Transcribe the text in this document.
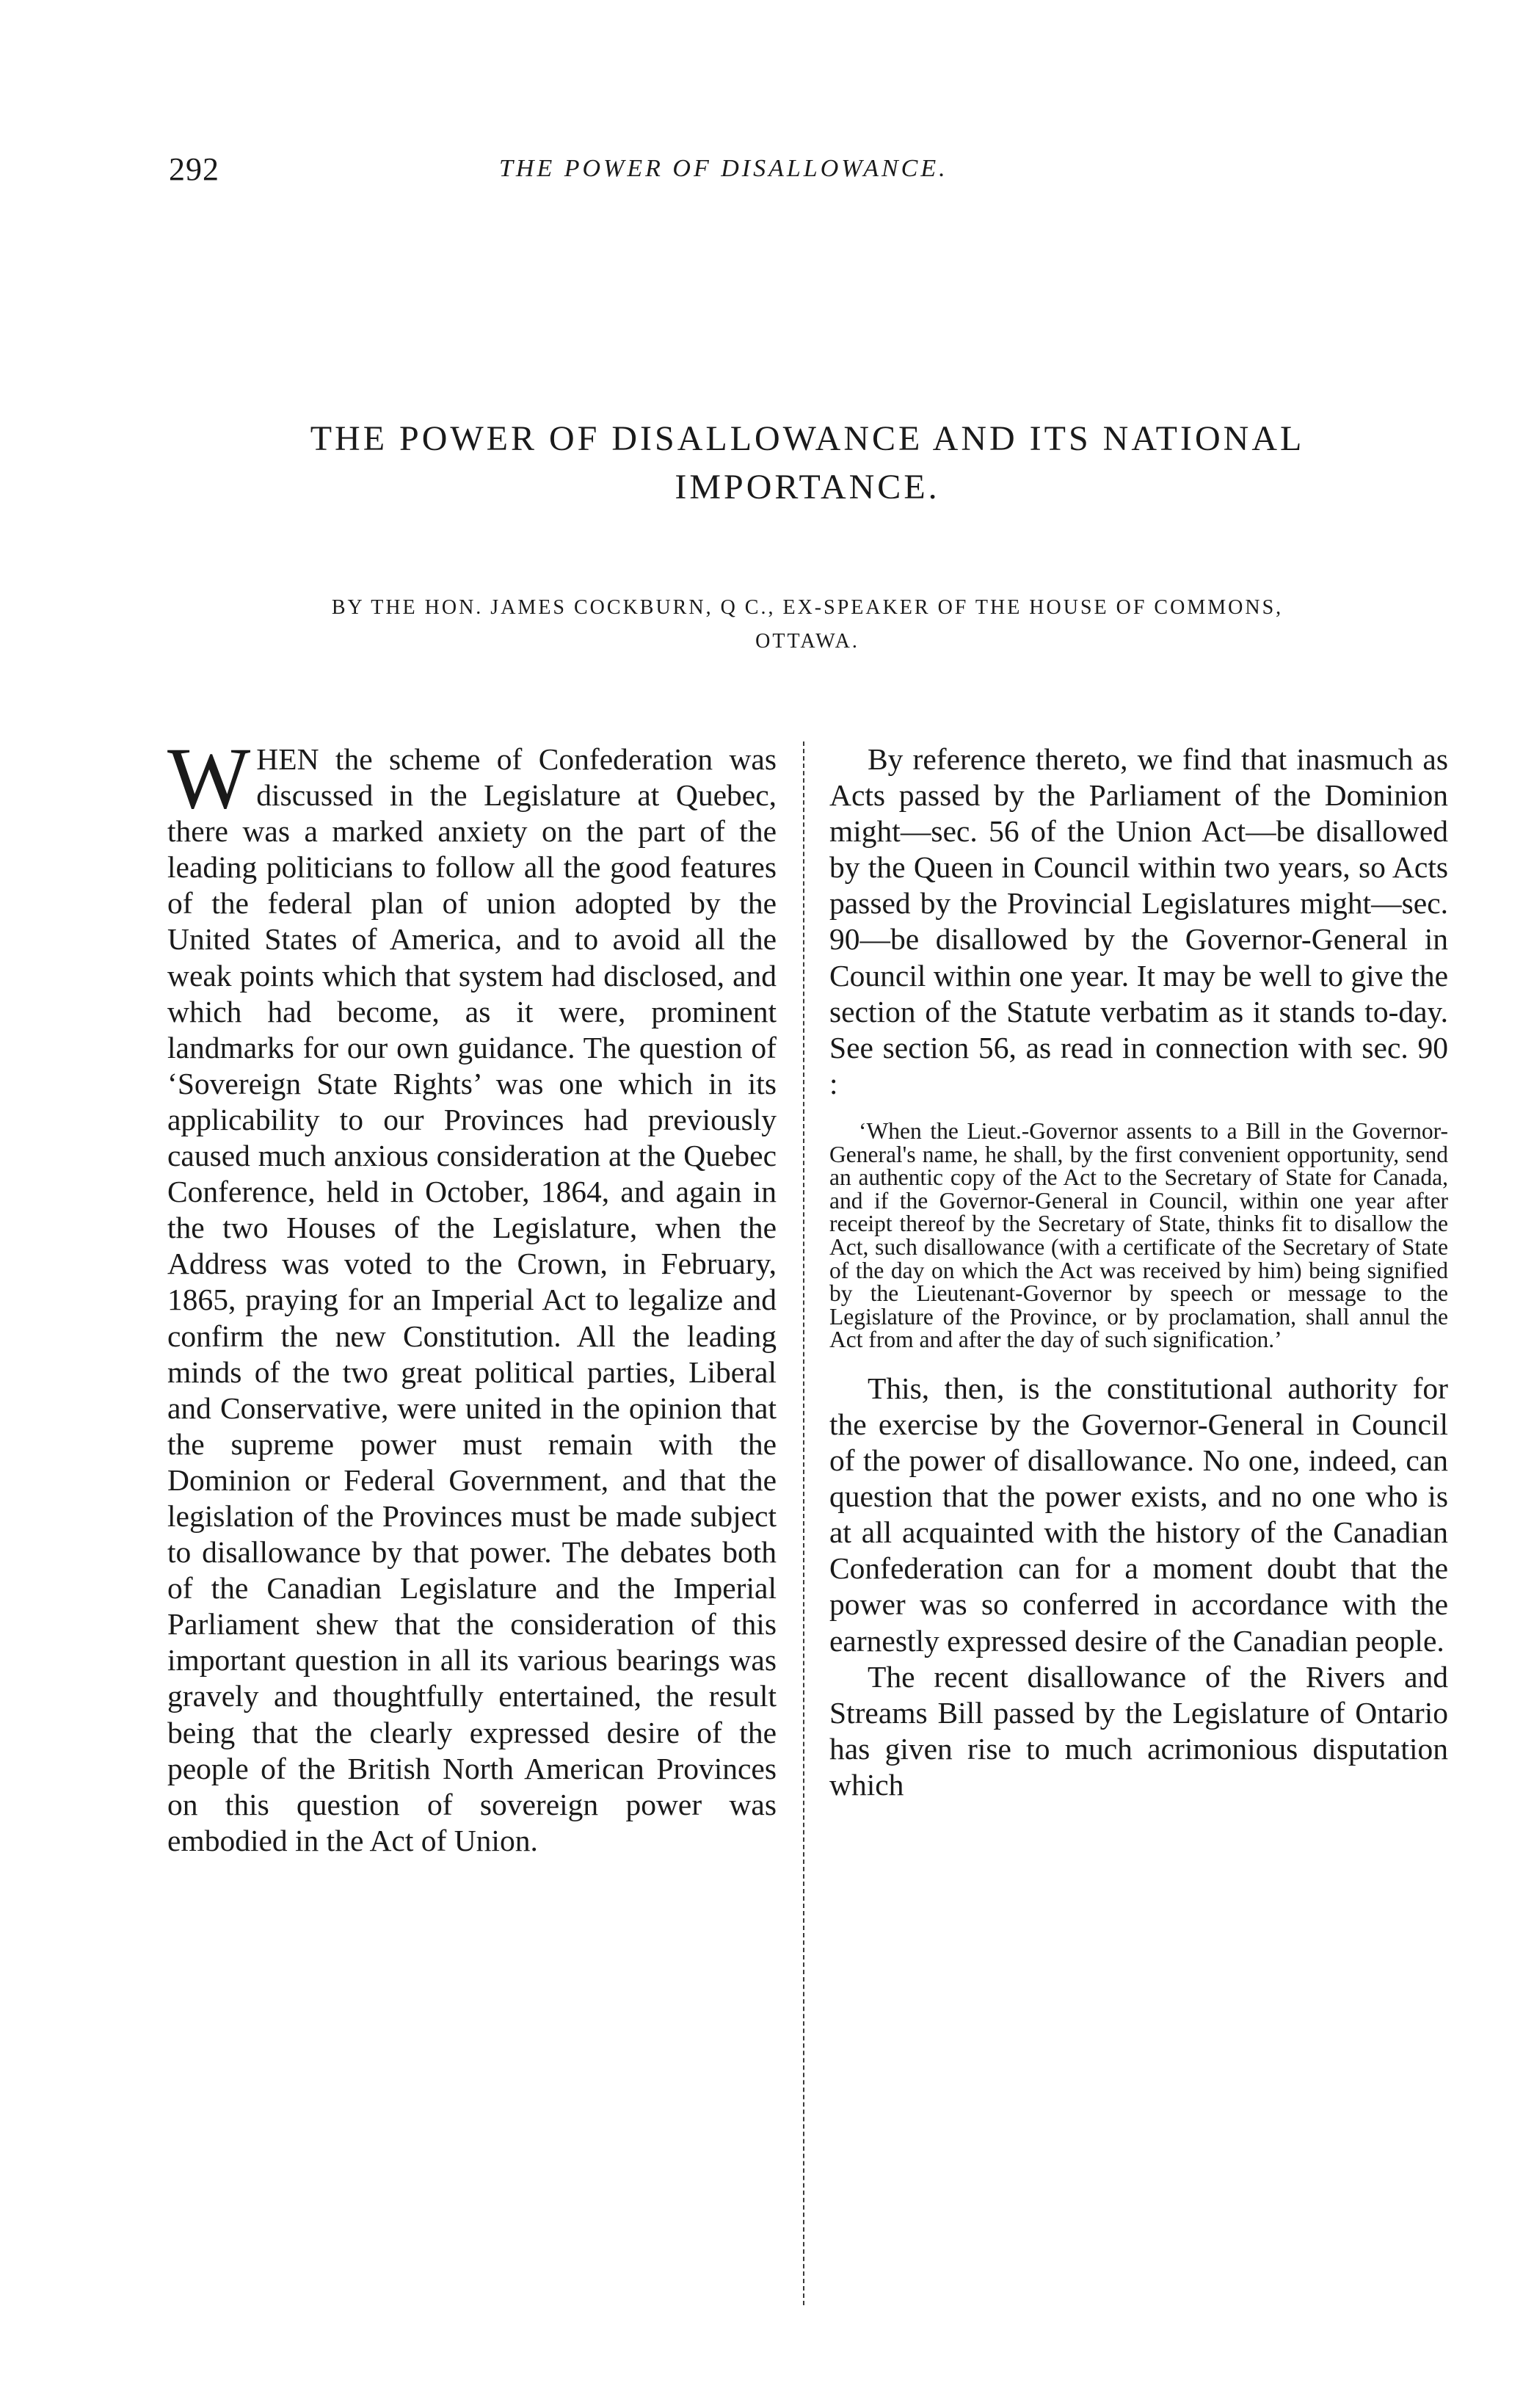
292	THE POWER OF DISALLOWANCE.
THE POWER OF DISALLOWANCE AND ITS NATIONAL
IMPORTANCE.
BY THE HON. JAMES COCKBURN, Q C., EX-SPEAKER OF THE HOUSE OF COMMONS,
OTTAWA.

WHEN the scheme of Confederation was discussed in the Legislature at Quebec, there was a marked anxiety on the part of the leading politicians to follow all the good features of the federal plan of union adopted by the United States of America, and to avoid all the weak points which that system had disclosed, and which had become, as it were, prominent landmarks for our own guidance. The question of ‘Sovereign State Rights’ was one which in its applicability to our Provinces had previously caused much anxious consideration at the Quebec Conference, held in October, 1864, and again in the two Houses of the Legislature, when the Address was voted to the Crown, in February, 1865, praying for an Imperial Act to legalize and confirm the new Constitution. All the leading minds of the two great political parties, Liberal and Conservative, were united in the opinion that the supreme power must remain with the Dominion or Federal Government, and that the legislation of the Provinces must be made subject to disallowance by that power. The debates both of the Canadian Legislature and the Imperial Parliament shew that the consideration of this important question in all its various bearings was gravely and thoughtfully entertained, the result being that the clearly expressed desire of the people of the British North American Provinces on this question of sovereign power was embodied in the Act of Union.

By reference thereto, we find that inasmuch as Acts passed by the Parliament of the Dominion might—sec. 56 of the Union Act—be disallowed by the Queen in Council within two years, so Acts passed by the Provincial Legislatures might—sec. 90—be disallowed by the Governor-General in Council within one year. It may be well to give the section of the Statute verbatim as it stands to-day. See section 56, as read in connection with sec. 90 :

‘When the Lieut.-Governor assents to a Bill in the Governor-General's name, he shall, by the first convenient opportunity, send an authentic copy of the Act to the Secretary of State for Canada, and if the Governor-General in Council, within one year after receipt thereof by the Secretary of State, thinks fit to disallow the Act, such disallowance (with a certificate of the Secretary of State of the day on which the Act was received by him) being signified by the Lieutenant-Governor by speech or message to the Legislature of the Province, or by proclamation, shall annul the Act from and after the day of such signification.’

This, then, is the constitutional authority for the exercise by the Governor-General in Council of the power of disallowance. No one, indeed, can question that the power exists, and no one who is at all acquainted with the history of the Canadian Confederation can for a moment doubt that the power was so conferred in accordance with the earnestly expressed desire of the Canadian people.

The recent disallowance of the Rivers and Streams Bill passed by the Legislature of Ontario has given rise to much acrimonious disputation which
